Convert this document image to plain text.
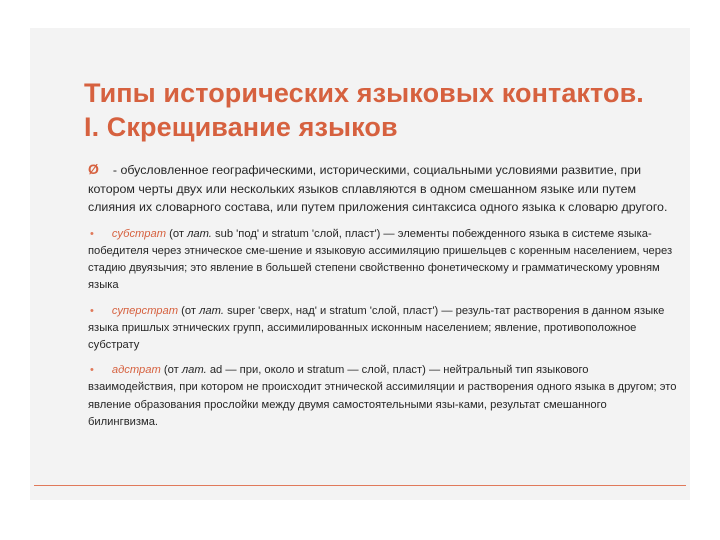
Типы исторических языковых контактов.
I. Скрещивание языков

Ø - обусловленное географическими, историческими, социальными условиями развитие, при котором черты двух или нескольких языков сплавляются в одном смешанном языке или путем слияния их словарного состава, или путем приложения синтаксиса одного языка к словарю другого.

• субстрат (от лат. sub 'под' и stratum 'слой, пласт') — элементы побежденного языка в системе языка-победителя через этническое сме-шение и языковую ассимиляцию пришельцев с коренным населением, через стадию двуязычия; это явление в большей степени свойственно фонетическому и грамматическому уровням языка

• суперстрат (от лат. super 'сверх, над' и stratum 'слой, пласт') — резуль-тат растворения в данном языке языка пришлых этнических групп, ассимилированных исконным населением; явление, противоположное субстрату

• адстрат (от лат. ad — при, около и stratum — слой, пласт) — нейтральный тип языкового взаимодействия, при котором не происходит этнической ассимиляции и растворения одного языка в другом; это явление образования прослойки между двумя самостоятельными язы-ками, результат смешанного билингвизма.
